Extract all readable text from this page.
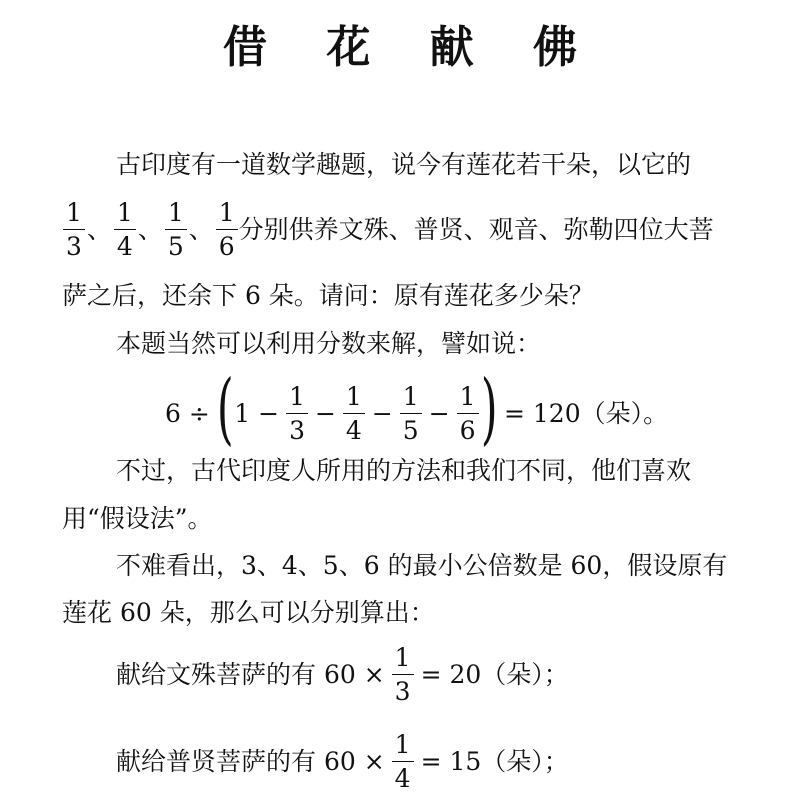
借 花 献 佛
古印度有一道数学趣题，说今有莲花若干朵，以它的
$\frac{1}{3}$ 、 $\frac{1}{4}$ 、 $\frac{1}{5}$ 、 $\frac{1}{6}$ 分别供养文殊、普贤、观音、弥勒四位大菩
萨之后，还余下 6 朵。请问：原有莲花多少朵？
本题当然可以利用分数来解，譬如说：
6 ÷ ( $1 - \frac{1}{3} - \frac{1}{4} - \frac{1}{5} - \frac{1}{6}$ ) = 120（朵）。
不过，古代印度人所用的方法和我们不同，他们喜欢
用“假设法”。
不难看出，3、4、5、6 的最小公倍数是 60，假设原有
莲花 60 朵，那么可以分别算出：
献给文殊菩萨的有 $60 \times \frac{1}{3} = 20$（朵）；
献给普贤菩萨的有 $60 \times \frac{1}{4} = 15$（朵）；
